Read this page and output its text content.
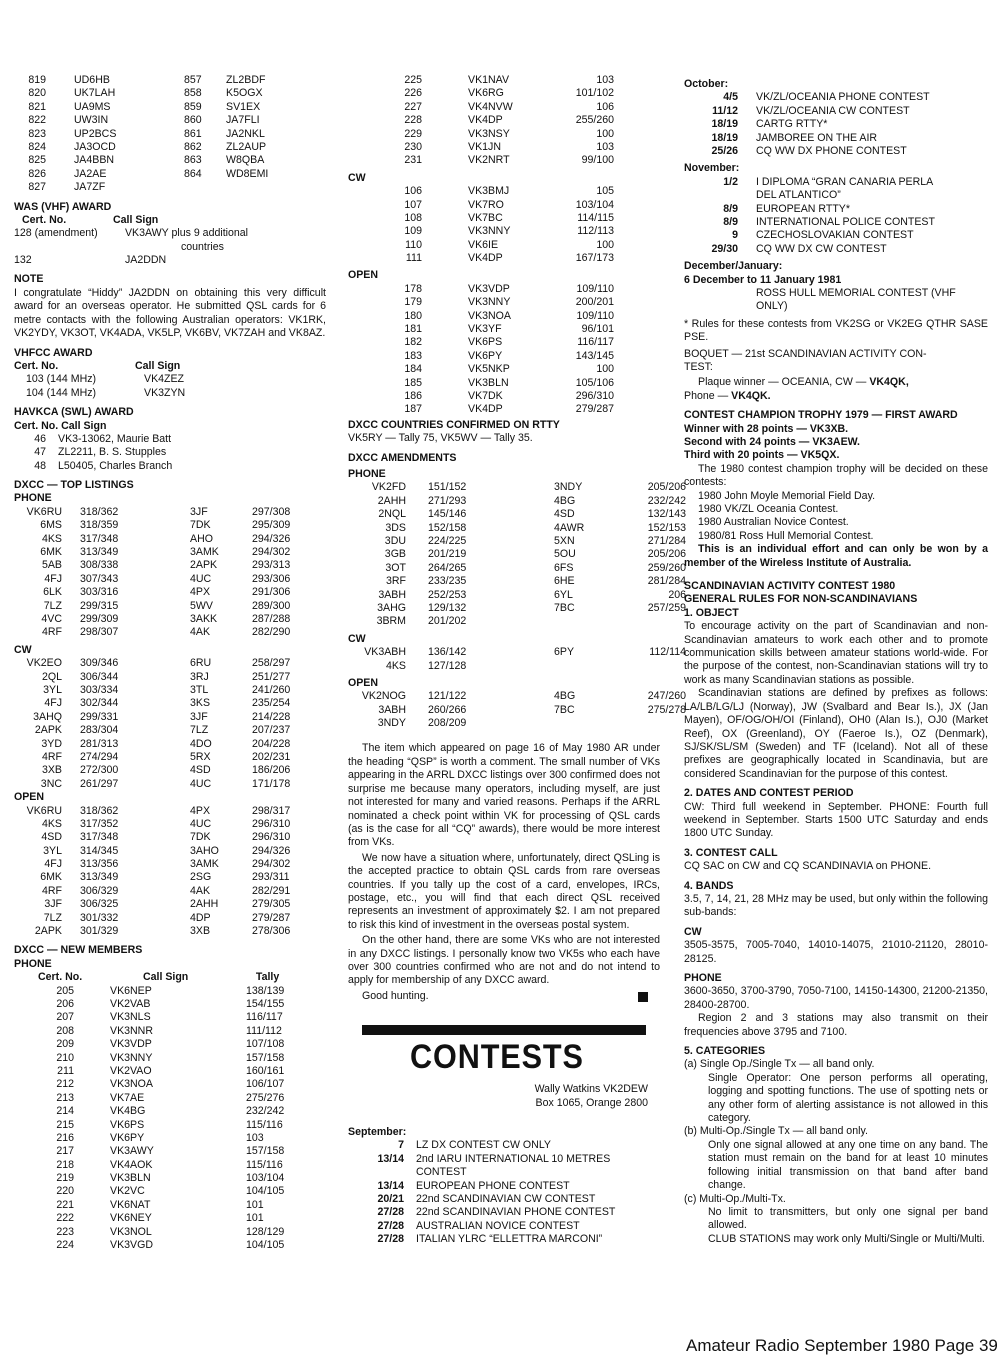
819	UD6HB	857 ZL2BDF
820	UK7LAH	858 K5OGX
821	UA9MS	859 SV1EX
822	UW3IN	860 JA7FLI
823	UP2BCS	861 JA2NKL
824	JA3OCD	862 ZL2AUP
825	JA4BBN	863 W8QBA
826	JA2AE	864 WD8EMI
827	JA7ZF
WAS (VHF) AWARD
Cert. No.	Call Sign
128 (amendment)	VK3AWY plus 9 additional
countries
132	JA2DDN
NOTE
I congratulate “Hiddy” JA2DDN on obtaining this very difficult award for an overseas operator. He submitted QSL cards for 6 metre contacts with the following Australian operators: VK1RK, VK2YDY, VK3OT, VK4ADA, VK5LP, VK6BV, VK7ZAH and VK8AZ.
VHFCC AWARD
Cert. No.	Call Sign
103 (144 MHz)	VK4ZEZ
104 (144 MHz)	VK3ZYN
HAVKCA (SWL) AWARD
Cert. No. Call Sign
46 VK3-13062, Maurie Batt
47 ZL2211, B. S. Stupples
48 L50405, Charles Branch
DXCC — TOP LISTINGS
PHONE
VK6RU 318/362	3JF	297/308
6MS 318/359	7DK	295/309
4KS 317/348	AHO	294/326
6MK 313/349	3AMK	294/302
5AB 308/338	2APK	293/313
4FJ 307/343	4UC	293/306
6LK 303/316	4PX	291/306
7LZ 299/315	5WV	289/300
4VC 299/309	3AKK	287/288
4RF 298/307	4AK	282/290
CW
VK2EO 309/346	6RU	258/297
2QL 306/344	3RJ	251/277
3YL 303/334	3TL	241/260
4FJ 302/344	3KS	235/254
3AHQ 299/331	3JF	214/228
2APK 283/304	7LZ	207/237
3YD 281/313	4DO	204/228
4RF 274/294	5RX	202/231
3XB 272/300	4SD	186/206
3NC 261/297	4UC	171/178
OPEN
VK6RU 318/362	4PX	298/317
4KS 317/352	4UC	296/310
4SD 317/348	7DK	296/310
3YL 314/345	3AHO	294/326
4FJ 313/356	3AMK	294/302
6MK 313/349	2SG	293/311
4RF 306/329	4AK	282/291
3JF 306/325	2AHH	279/305
7LZ 301/332	4DP	279/287
2APK 301/329	3XB	278/306
DXCC — NEW MEMBERS
PHONE
Cert. No.	Call Sign	Tally
205	VK6NEP	138/139
206	VK2VAB	154/155
207	VK3NLS	116/117
208	VK3NNR	111/112
209	VK3VDP	107/108
210	VK3NNY	157/158
211	VK2VAO	160/161
212	VK3NOA	106/107
213	VK7AE	275/276
214	VK4BG	232/242
215	VK6PS	115/116
216	VK6PY	103
217	VK3AWY	157/158
218	VK4AOK	115/116
219	VK3BLN	103/104
220	VK2VC	104/105
221	VK6NAT	101
222	VK6NEY	101
223	VK3NOL	128/129
224	VK3VGD	104/105
225	VK1NAV	103
226	VK6RG	101/102
227	VK4NVW	106
228	VK4DP	255/260
229	VK3NSY	100
230	VK1JN	103
231	VK2NRT	99/100
CW
106	VK3BMJ	105
107	VK7RO	103/104
108	VK7BC	114/115
109	VK3NNY	112/113
110	VK6IE	100
111	VK4DP	167/173
OPEN
178	VK3VDP	109/110
179	VK3NNY	200/201
180	VK3NOA	109/110
181	VK3YF	96/101
182	VK6PS	116/117
183	VK6PY	143/145
184	VK5NKP	100
185	VK3BLN	105/106
186	VK7DK	296/310
187	VK4DP	279/287
DXCC COUNTRIES CONFIRMED ON RTTY
VK5RY — Tally 75, VK5WV — Tally 35.
DXCC AMENDMENTS
PHONE
VK2FD 151/152	3NDY	205/206
2AHH 271/293	4BG	232/242
2NQL 145/146	4SD	132/143
3DS 152/158	4AWR	152/153
3DU 224/225	5XN	271/284
3GB 201/219	5OU	205/206
3OT 264/265	6FS	259/260
3RF 233/235	6HE	281/284
3ABH 252/253	6YL	206
3AHG 129/132	7BC	257/259
3BRM 201/202
CW
VK3ABH 136/142	6PY	112/114
4KS 127/128
OPEN
VK2NOG 121/122	4BG	247/260
3ABH 260/266	7BC	275/278
3NDY 208/209
The item which appeared on page 16 of May 1980 AR under the heading “QSP” is worth a comment. The small number of VKs appearing in the ARRL DXCC listings over 300 confirmed does not surprise me because many operators, including myself, are just not interested for many and varied reasons. Perhaps if the ARRL nominated a check point within VK for processing of QSL cards (as is the case for all “CQ” awards), there would be more interest from VKs.
We now have a situation where, unfortunately, direct QSLing is the accepted practice to obtain QSL cards from rare overseas countries. If you tally up the cost of a card, envelopes, IRCs, postage, etc., you will find that each direct QSL received represents an investment of approximately $2. I am not prepared to risk this kind of investment in the overseas postal system.
On the other hand, there are some VKs who are not interested in any DXCC listings. I personally know two VK5s who each have over 300 countries confirmed who are not and do not intend to apply for membership of any DXCC award.
Good hunting.
CONTESTS
Wally Watkins VK2DEW
Box 1065, Orange 2800
September:
7 LZ DX CONTEST CW ONLY
13/14 2nd IARU INTERNATIONAL 10 METRES
CONTEST
13/14 EUROPEAN PHONE CONTEST
20/21 22nd SCANDINAVIAN CW CONTEST
27/28 22nd SCANDINAVIAN PHONE CONTEST
27/28 AUSTRALIAN NOVICE CONTEST
27/28 ITALIAN YLRC “ELLETTRA MARCONI”
October:
4/5 VK/ZL/OCEANIA PHONE CONTEST
11/12 VK/ZL/OCEANIA CW CONTEST
18/19 CARTG RTTY*
18/19 JAMBOREE ON THE AIR
25/26 CQ WW DX PHONE CONTEST
November:
1/2 I DIPLOMA “GRAN CANARIA PERLA
DEL ATLANTICO”
8/9 EUROPEAN RTTY*
8/9 INTERNATIONAL POLICE CONTEST
9 CZECHOSLOVAKIAN CONTEST
29/30 CQ WW DX CW CONTEST
December/January:
6 December to 11 January 1981
ROSS HULL MEMORIAL CONTEST (VHF
ONLY)
* Rules for these contests from VK2SG or VK2EG QTHR SASE PSE.
BOQUET — 21st SCANDINAVIAN ACTIVITY CON-
TEST:
Plaque winner — OCEANIA, CW — VK4QK,
Phone — VK4QK.
CONTEST CHAMPION TROPHY 1979 — FIRST AWARD
Winner with 28 points — VK3XB.
Second with 24 points — VK3AEW.
Third with 20 points — VK5QX.
The 1980 contest champion trophy will be decided on these contests:
1980 John Moyle Memorial Field Day.
1980 VK/ZL Oceania Contest.
1980 Australian Novice Contest.
1980/81 Ross Hull Memorial Contest.
This is an individual effort and can only be won by a member of the Wireless Institute of Australia.
SCANDINAVIAN ACTIVITY CONTEST 1980
GENERAL RULES FOR NON-SCANDINAVIANS
1. OBJECT
To encourage activity on the part of Scandinavian and non-Scandinavian amateurs to work each other and to promote communication skills between amateur stations world-wide. For the purpose of the contest, non-Scandinavian stations will try to work as many Scandinavian stations as possible.
Scandinavian stations are defined by prefixes as follows: LA/LB/LG/LJ (Norway), JW (Svalbard and Bear Is.), JX (Jan Mayen), OF/OG/OH/OI (Finland), OH0 (Alan Is.), OJ0 (Market Reef), OX (Greenland), OY (Faeroe Is.), OZ (Denmark), SJ/SK/SL/SM (Sweden) and TF (Iceland). Not all of these prefixes are geographically located in Scandinavia, but are considered Scandinavian for the purpose of this contest.
2. DATES AND CONTEST PERIOD
CW: Third full weekend in September. PHONE: Fourth full weekend in September. Starts 1500 UTC Saturday and ends 1800 UTC Sunday.
3. CONTEST CALL
CQ SAC on CW and CQ SCANDINAVIA on PHONE.
4. BANDS
3.5, 7, 14, 21, 28 MHz may be used, but only within the following sub-bands:
CW
3505-3575, 7005-7040, 14010-14075, 21010-21120, 28010-28125.
PHONE
3600-3650, 3700-3790, 7050-7100, 14150-14300, 21200-21350, 28400-28700.
Region 2 and 3 stations may also transmit on their frequencies above 3795 and 7100.
5. CATEGORIES
(a) Single Op./Single Tx — all band only.
Single Operator: One person performs all operating, logging and spotting functions. The use of spotting nets or any other form of alerting assistance is not allowed in this category.
(b) Multi-Op./Single Tx — all band only.
Only one signal allowed at any one time on any band. The station must remain on the band for at least 10 minutes following initial transmission on that band after band change.
(c) Multi-Op./Multi-Tx.
No limit to transmitters, but only one signal per band allowed.
CLUB STATIONS may work only Multi/Single or Multi/Multi.
Amateur Radio September 1980 Page 39
